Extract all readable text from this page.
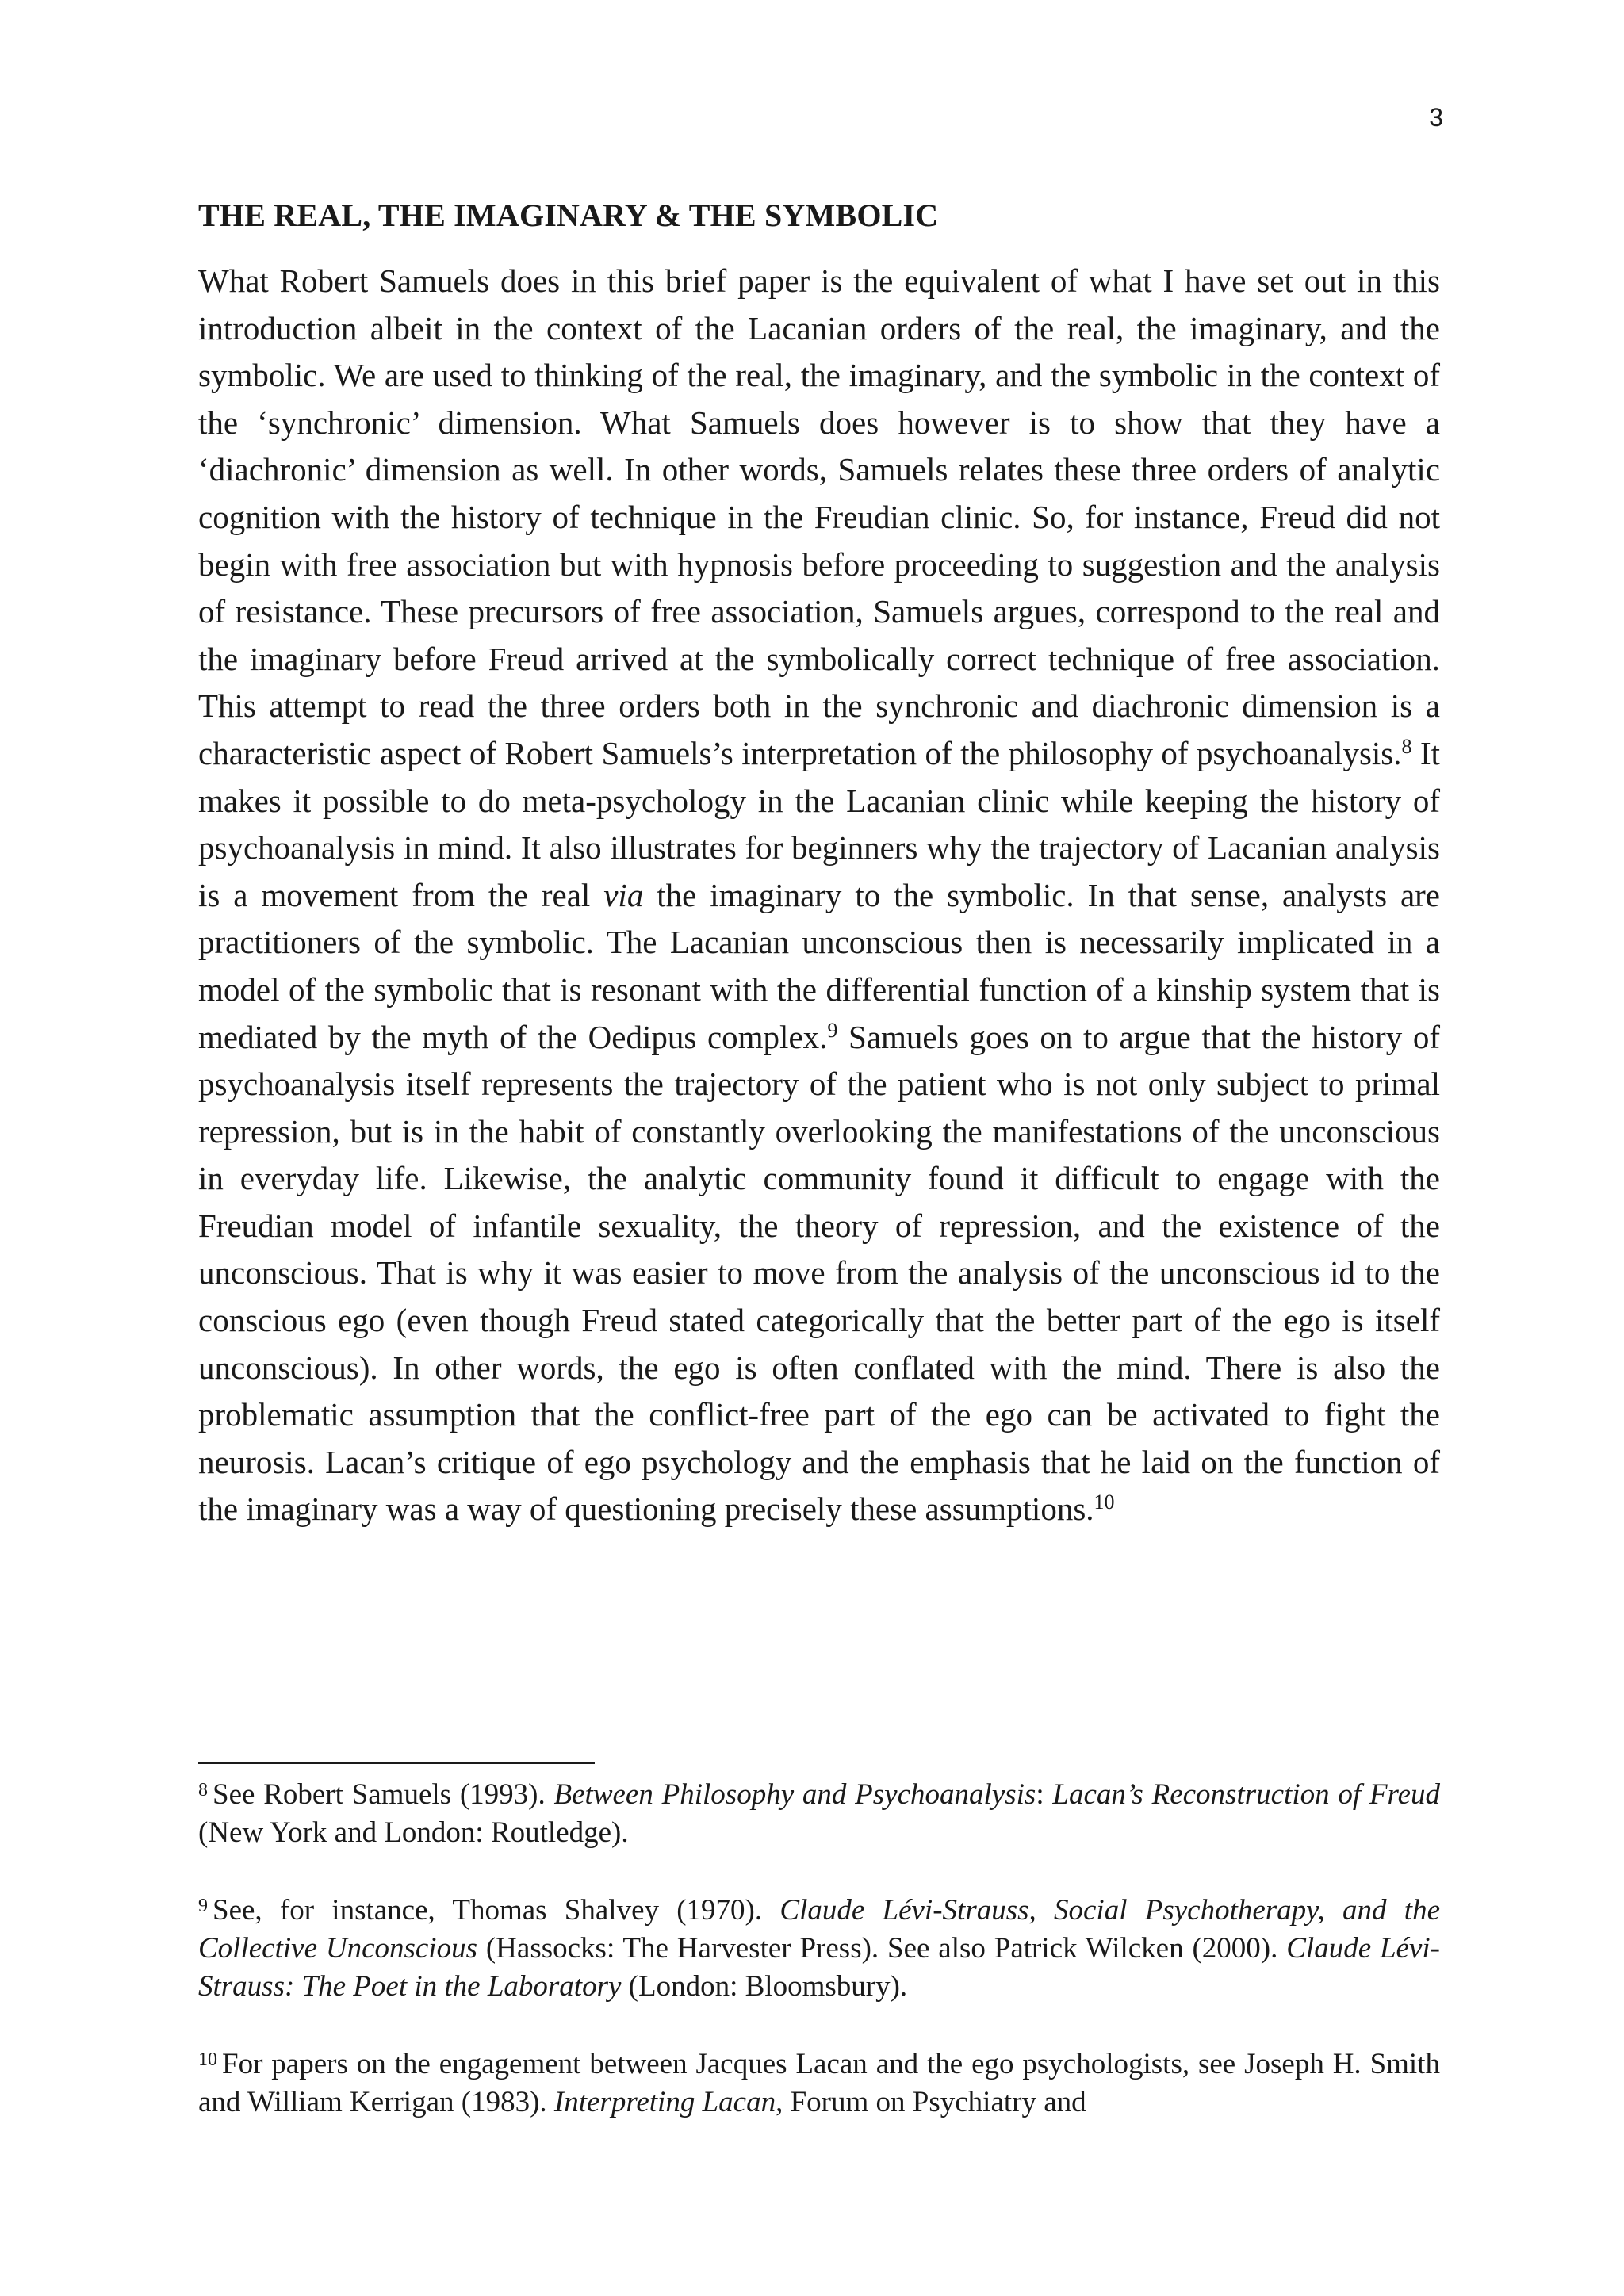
3
THE REAL, THE IMAGINARY & THE SYMBOLIC

What Robert Samuels does in this brief paper is the equivalent of what I have set out in this introduction albeit in the context of the Lacanian orders of the real, the imaginary, and the symbolic. We are used to thinking of the real, the imaginary, and the symbolic in the context of the ‘synchronic’ dimension. What Samuels does however is to show that they have a ‘diachronic’ dimension as well. In other words, Samuels relates these three orders of analytic cognition with the history of technique in the Freudian clinic. So, for instance, Freud did not begin with free association but with hypnosis before proceeding to suggestion and the analysis of resistance. These precursors of free association, Samuels argues, correspond to the real and the imaginary before Freud arrived at the symbolically correct technique of free association. This attempt to read the three orders both in the synchronic and diachronic dimension is a characteristic aspect of Robert Samuels’s interpretation of the philosophy of psychoanalysis.$^8$ It makes it possible to do meta-psychology in the Lacanian clinic while keeping the history of psychoanalysis in mind. It also illustrates for beginners why the trajectory of Lacanian analysis is a movement from the real via the imaginary to the symbolic. In that sense, analysts are practitioners of the symbolic. The Lacanian unconscious then is necessarily implicated in a model of the symbolic that is resonant with the differential function of a kinship system that is mediated by the myth of the Oedipus complex.$^9$ Samuels goes on to argue that the history of psychoanalysis itself represents the trajectory of the patient who is not only subject to primal repression, but is in the habit of constantly overlooking the manifestations of the unconscious in everyday life. Likewise, the analytic community found it difficult to engage with the Freudian model of infantile sexuality, the theory of repression, and the existence of the unconscious. That is why it was easier to move from the analysis of the unconscious id to the conscious ego (even though Freud stated categorically that the better part of the ego is itself unconscious). In other words, the ego is often conflated with the mind. There is also the problematic assumption that the conflict-free part of the ego can be activated to fight the neurosis. Lacan’s critique of ego psychology and the emphasis that he laid on the function of the imaginary was a way of questioning precisely these assumptions.$^{10}$

$^8$ See Robert Samuels (1993). Between Philosophy and Psychoanalysis: Lacan’s Reconstruction of Freud (New York and London: Routledge).

$^9$ See, for instance, Thomas Shalvey (1970). Claude Lévi-Strauss, Social Psychotherapy, and the Collective Unconscious (Hassocks: The Harvester Press). See also Patrick Wilcken (2000). Claude Lévi-Strauss: The Poet in the Laboratory (London: Bloomsbury).

$^{10}$ For papers on the engagement between Jacques Lacan and the ego psychologists, see Joseph H. Smith and William Kerrigan (1983). Interpreting Lacan, Forum on Psychiatry and
